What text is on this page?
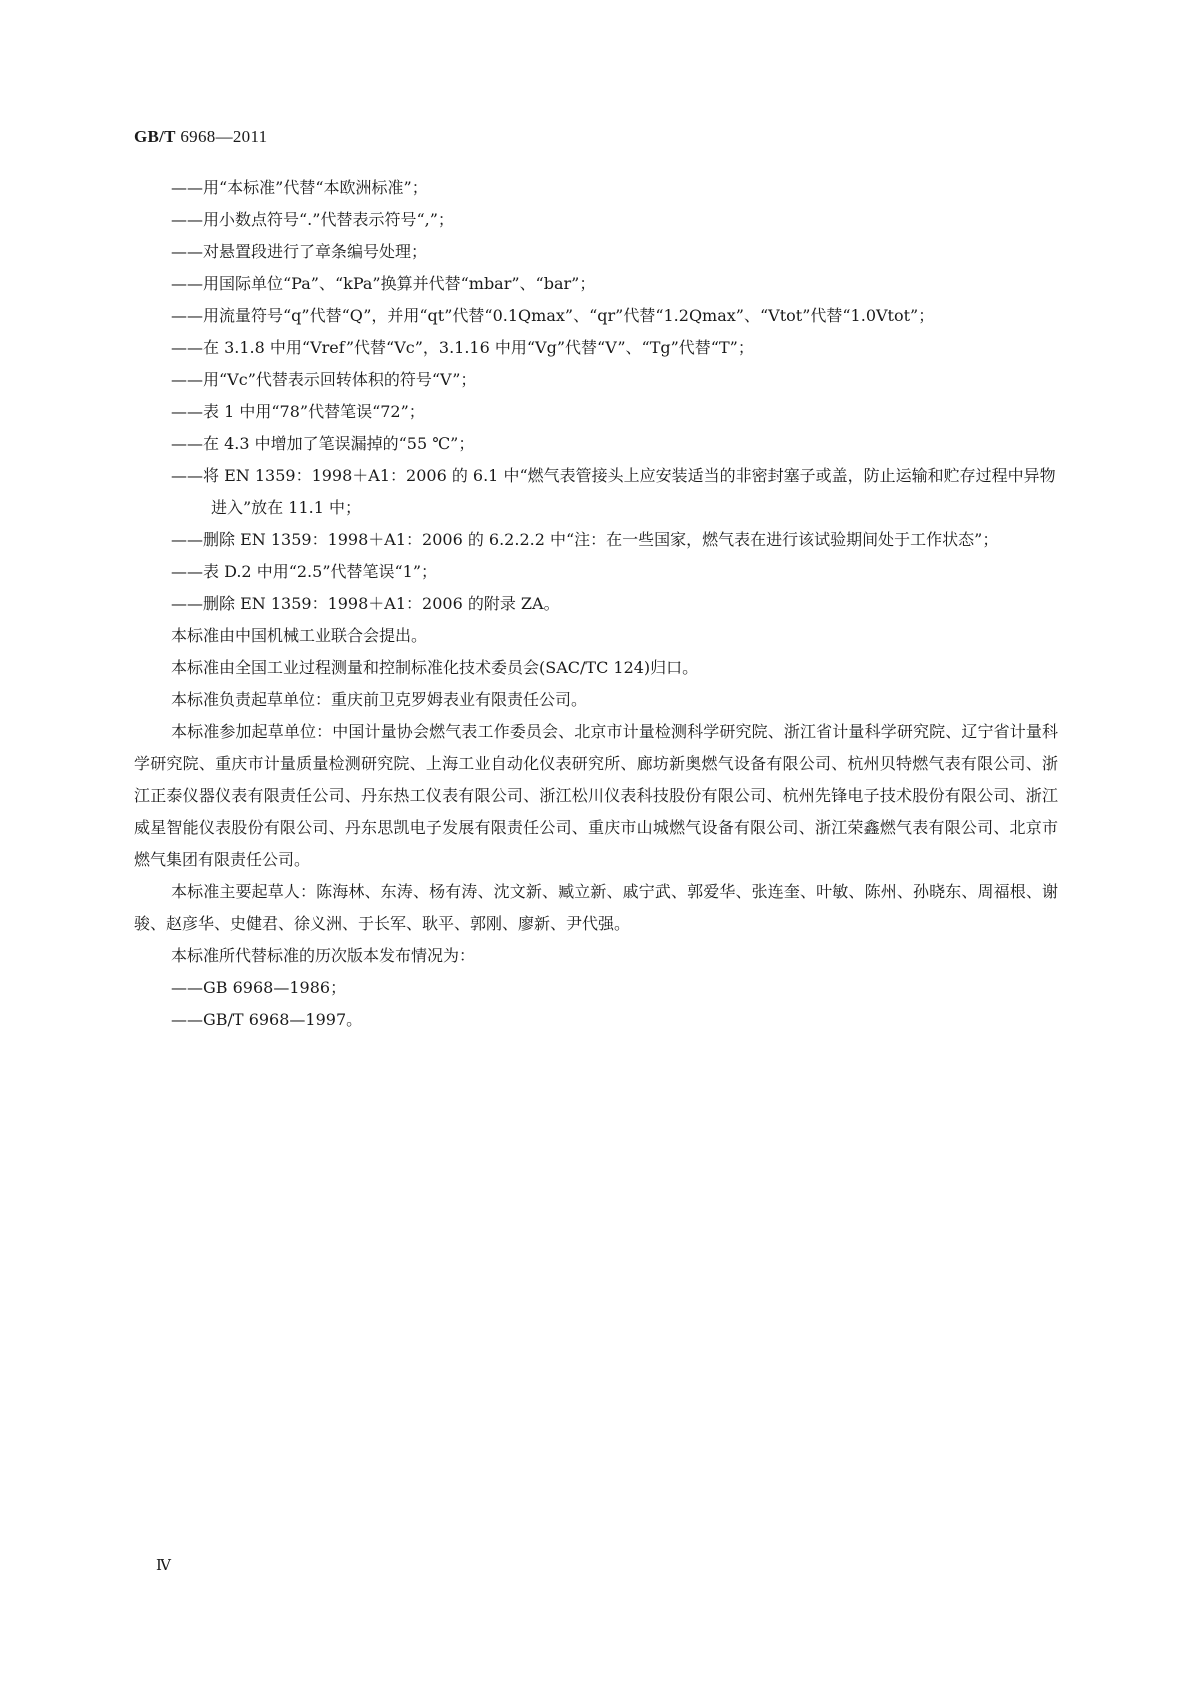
GB/T 6968—2011
——用“本标准”代替“本欧洲标准”；
——用小数点符号“.”代替表示符号“,”；
——对悬置段进行了章条编号处理；
——用国际单位“Pa”、“kPa”换算并代替“mbar”、“bar”；
——用流量符号“q”代替“Q”，并用“qt”代替“0.1Qmax”、“qr”代替“1.2Qmax”、“Vtot”代替“1.0Vtot”；
——在 3.1.8 中用“Vref”代替“Vc”，3.1.16 中用“Vg”代替“V”、“Tg”代替“T”；
——用“Vc”代替表示回转体积的符号“V”；
——表 1 中用“78”代替笔误“72”；
——在 4.3 中增加了笔误漏掉的“55 ℃”；
——将 EN 1359：1998＋A1：2006 的 6.1 中“燃气表管接头上应安装适当的非密封塞子或盖，防止运输和贮存过程中异物进入”放在 11.1 中；
——删除 EN 1359：1998＋A1：2006 的 6.2.2.2 中“注：在一些国家，燃气表在进行该试验期间处于工作状态”；
——表 D.2 中用“2.5”代替笔误“1”；
——删除 EN 1359：1998＋A1：2006 的附录 ZA。
本标准由中国机械工业联合会提出。
本标准由全国工业过程测量和控制标准化技术委员会(SAC/TC 124)归口。
本标准负责起草单位：重庆前卫克罗姆表业有限责任公司。
本标准参加起草单位：中国计量协会燃气表工作委员会、北京市计量检测科学研究院、浙江省计量科学研究院、辽宁省计量科学研究院、重庆市计量质量检测研究院、上海工业自动化仪表研究所、廊坊新奥燃气设备有限公司、杭州贝特燃气表有限公司、浙江正泰仪器仪表有限责任公司、丹东热工仪表有限公司、浙江松川仪表科技股份有限公司、杭州先锋电子技术股份有限公司、浙江威星智能仪表股份有限公司、丹东思凯电子发展有限责任公司、重庆市山城燃气设备有限公司、浙江荣鑫燃气表有限公司、北京市燃气集团有限责任公司。
本标准主要起草人：陈海林、东涛、杨有涛、沈文新、臧立新、戚宁武、郭爱华、张连奎、叶敏、陈州、孙晓东、周福根、谢骏、赵彦华、史健君、徐义洲、于长军、耿平、郭刚、廖新、尹代强。
本标准所代替标准的历次版本发布情况为：
——GB 6968—1986；
——GB/T 6968—1997。
Ⅳ
